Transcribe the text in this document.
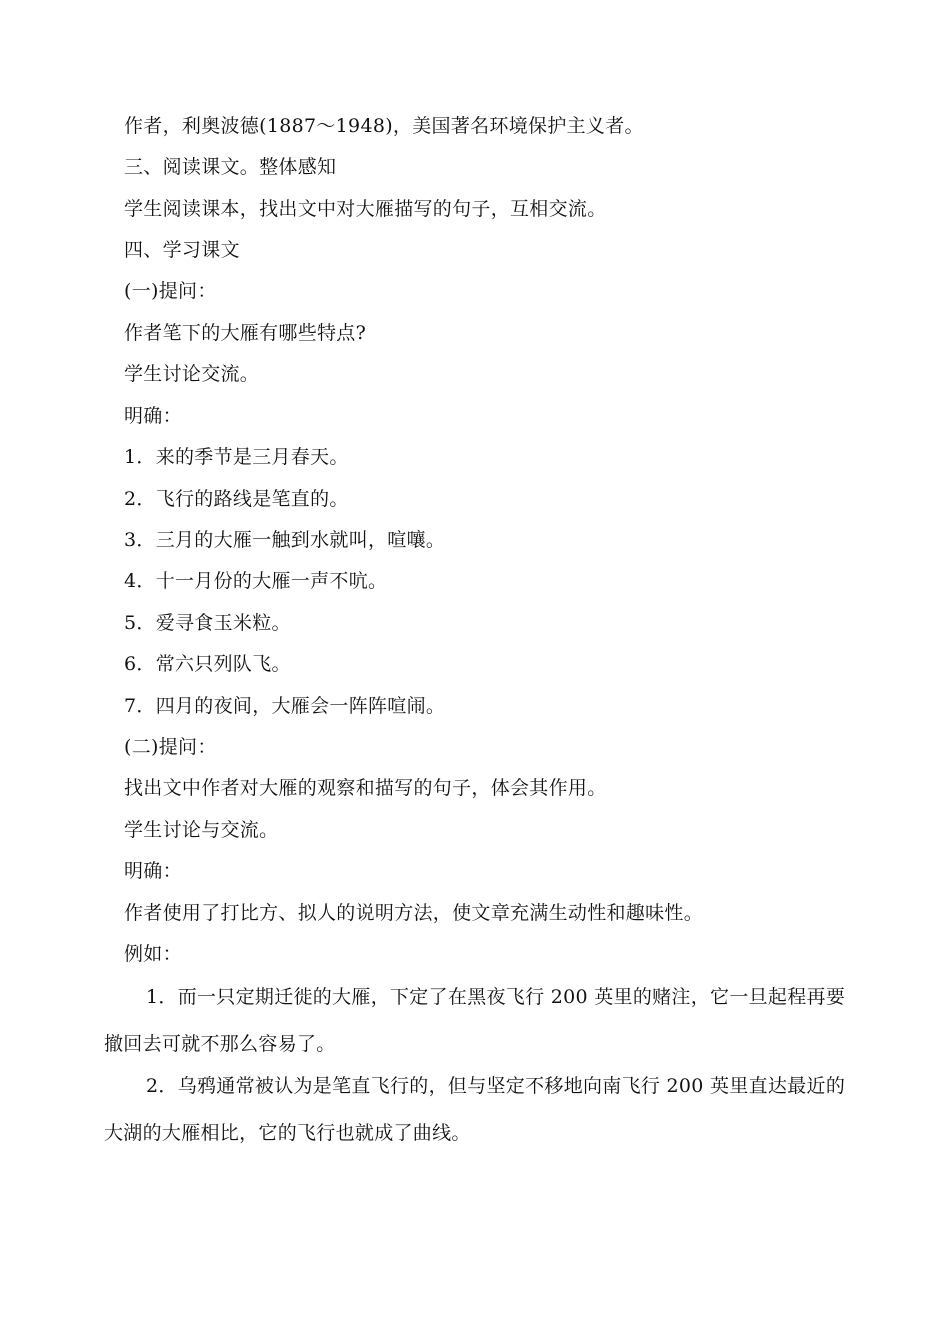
作者，利奥波德(1887～1948)，美国著名环境保护主义者。
三、阅读课文。整体感知
学生阅读课本，找出文中对大雁描写的句子，互相交流。
四、学习课文
(一)提问：
作者笔下的大雁有哪些特点?
学生讨论交流。
明确：
1．来的季节是三月春天。
2．飞行的路线是笔直的。
3．三月的大雁一触到水就叫，喧嚷。
4．十一月份的大雁一声不吭。
5．爱寻食玉米粒。
6．常六只列队飞。
7．四月的夜间，大雁会一阵阵喧闹。
(二)提问：
找出文中作者对大雁的观察和描写的句子，体会其作用。
学生讨论与交流。
明确：
作者使用了打比方、拟人的说明方法，使文章充满生动性和趣味性。
例如：
1．而一只定期迁徙的大雁，下定了在黑夜飞行 200 英里的赌注，它一旦起程再要
撤回去可就不那么容易了。
2．乌鸦通常被认为是笔直飞行的，但与坚定不移地向南飞行 200 英里直达最近的
大湖的大雁相比，它的飞行也就成了曲线。
